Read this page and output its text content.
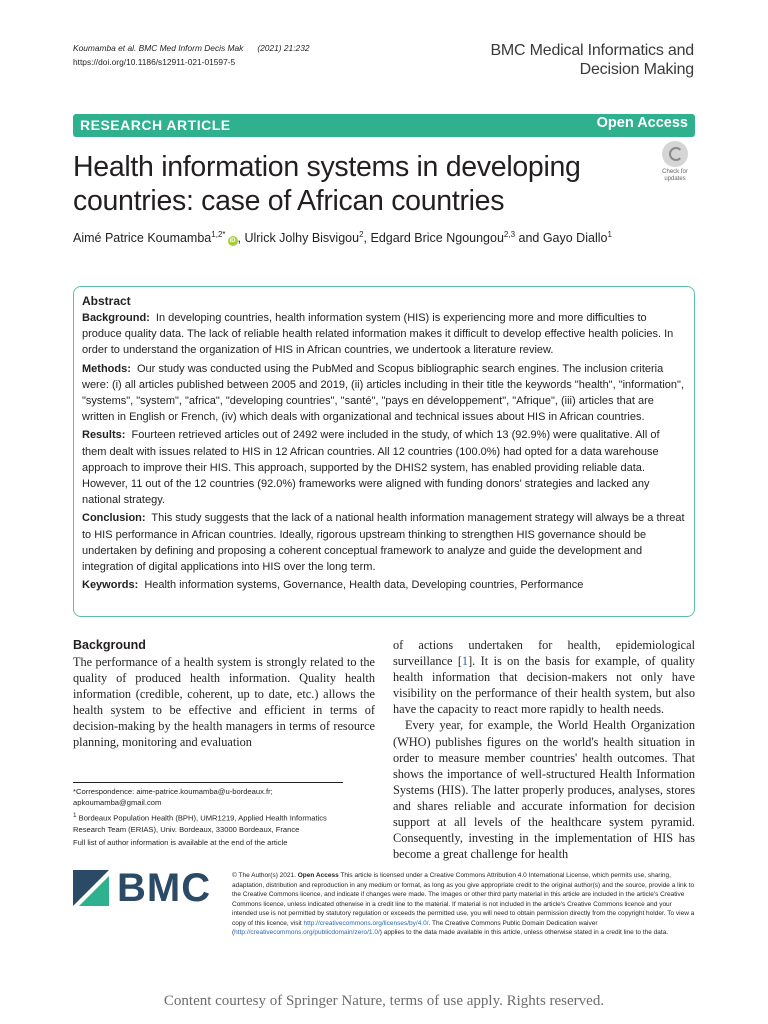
Koumamba et al. BMC Med Inform Decis Mak (2021) 21:232
https://doi.org/10.1186/s12911-021-01597-5
BMC Medical Informatics and
Decision Making
RESEARCH ARTICLE	Open Access
Health information systems in developing countries: case of African countries
Check for
updates
Aimé Patrice Koumamba$^{1,2*}$iD , Ulrick Jolhy Bisvigou$^2$, Edgard Brice Ngoungou$^{2,3}$ and Gayo Diallo$^1$
Abstract

Background: In developing countries, health information system (HIS) is experiencing more and more difficulties to produce quality data. The lack of reliable health related information makes it difficult to develop effective health policies. In order to understand the organization of HIS in African countries, we undertook a literature review.

Methods: Our study was conducted using the PubMed and Scopus bibliographic search engines. The inclusion criteria were: (i) all articles published between 2005 and 2019, (ii) articles including in their title the keywords "health", "information", "systems", "system", "africa", "developing countries", "santé", "pays en développement", "Afrique", (iii) articles that are written in English or French, (iv) which deals with organizational and technical issues about HIS in African countries.

Results: Fourteen retrieved articles out of 2492 were included in the study, of which 13 (92.9%) were qualitative. All of them dealt with issues related to HIS in 12 African countries. All 12 countries (100.0%) had opted for a data warehouse approach to improve their HIS. This approach, supported by the DHIS2 system, has enabled providing reliable data. However, 11 out of the 12 countries (92.0%) frameworks were aligned with funding donors' strategies and lacked any national strategy.

Conclusion: This study suggests that the lack of a national health information management strategy will always be a threat to HIS performance in African countries. Ideally, rigorous upstream thinking to strengthen HIS governance should be undertaken by defining and proposing a coherent conceptual framework to analyze and guide the development and integration of digital applications into HIS over the long term.

Keywords: Health information systems, Governance, Health data, Developing countries, Performance

Background

The performance of a health system is strongly related to the quality of produced health information. Quality health information (credible, coherent, up to date, etc.) allows the health system to be effective and efficient in terms of decision-making by the health managers in terms of resource planning, monitoring and evaluation

of actions undertaken for health, epidemiological surveillance [1]. It is on the basis for example, of quality health information that decision-makers not only have visibility on the performance of their health system, but also have the capacity to react more rapidly to health needs.

Every year, for example, the World Health Organization (WHO) publishes figures on the world's health situation in order to measure member countries' health outcomes. That shows the importance of well-structured Health Information Systems (HIS). The latter properly produces, analyses, stores and shares reliable and accurate information for decision support at all levels of the healthcare system pyramid. Consequently, investing in the implementation of HIS has become a great challenge for health

*Correspondence: aime-patrice.koumamba@u-bordeaux.fr; apkoumamba@gmail.com

$^1$ Bordeaux Population Health (BPH), UMR1219, Applied Health Informatics Research Team (ERIAS), Univ. Bordeaux, 33000 Bordeaux, France

Full list of author information is available at the end of the article

BMC	© The Author(s) 2021. Open Access This article is licensed under a Creative Commons Attribution 4.0 International License, which permits use, sharing, adaptation, distribution and reproduction in any medium or format, as long as you give appropriate credit to the original author(s) and the source, provide a link to the Creative Commons licence, and indicate if changes were made. The images or other third party material in this article are included in the article's Creative Commons licence, unless indicated otherwise in a credit line to the material. If material is not included in the article's Creative Commons licence and your intended use is not permitted by statutory regulation or exceeds the permitted use, you will need to obtain permission directly from the copyright holder. To view a copy of this licence, visit http://creativecommons.org/licenses/by/4.0/. The Creative Commons Public Domain Dedication waiver (http://creativecommons.org/publicdomain/zero/1.0/) applies to the data made available in this article, unless otherwise stated in a credit line to the data.
Content courtesy of Springer Nature, terms of use apply. Rights reserved.
